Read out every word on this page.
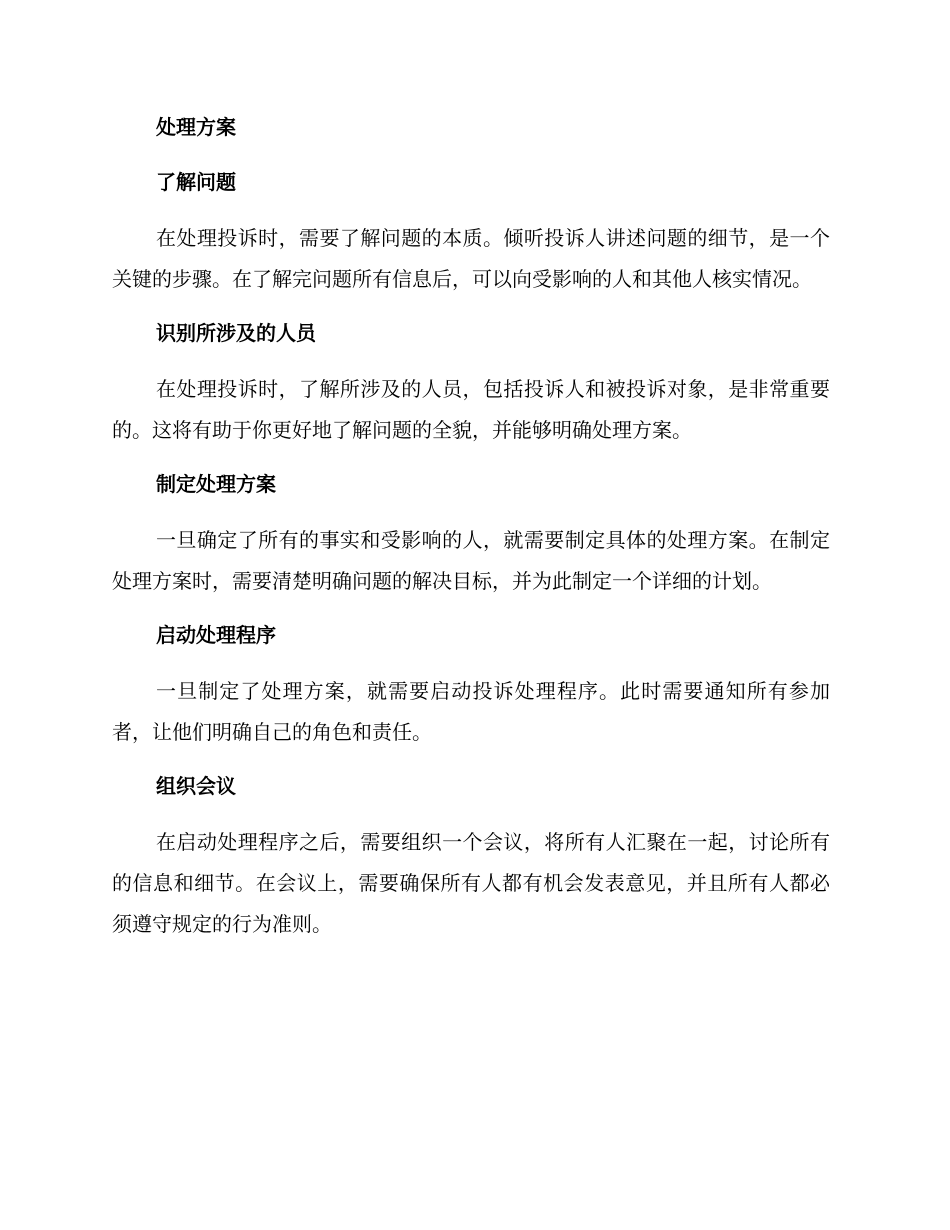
处理方案
了解问题
在处理投诉时，需要了解问题的本质。倾听投诉人讲述问题的细节，是一个关键的步骤。在了解完问题所有信息后，可以向受影响的人和其他人核实情况。
识别所涉及的人员
在处理投诉时，了解所涉及的人员，包括投诉人和被投诉对象，是非常重要的。这将有助于你更好地了解问题的全貌，并能够明确处理方案。
制定处理方案
一旦确定了所有的事实和受影响的人，就需要制定具体的处理方案。在制定处理方案时，需要清楚明确问题的解决目标，并为此制定一个详细的计划。
启动处理程序
一旦制定了处理方案，就需要启动投诉处理程序。此时需要通知所有参加者，让他们明确自己的角色和责任。
组织会议
在启动处理程序之后，需要组织一个会议，将所有人汇聚在一起，讨论所有的信息和细节。在会议上，需要确保所有人都有机会发表意见，并且所有人都必须遵守规定的行为准则。
